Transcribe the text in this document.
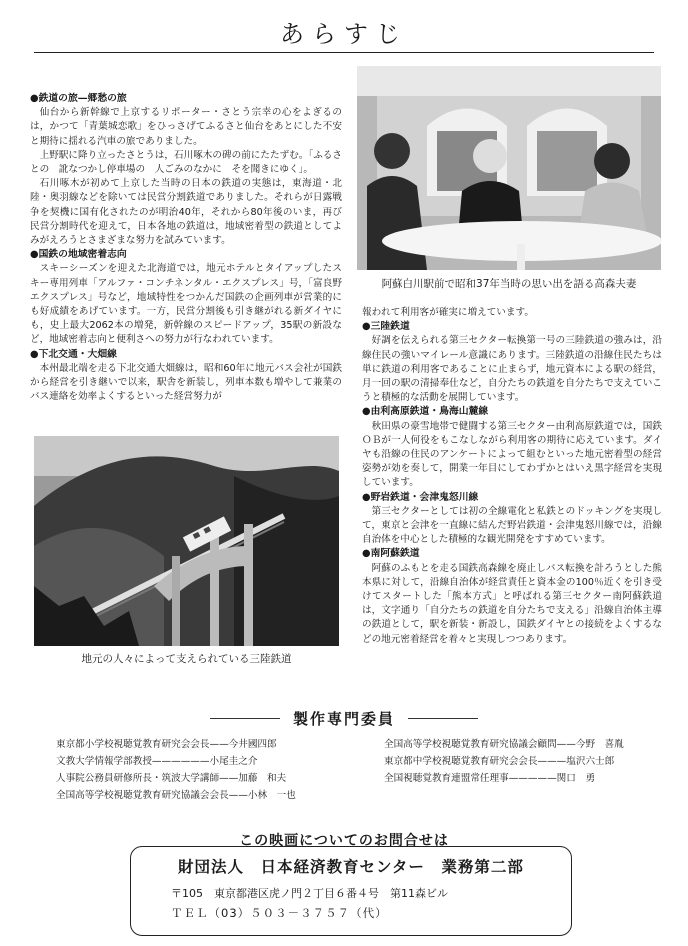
あらすじ
● 鉄道の旅—郷愁の旅

仙台から新幹線で上京するリポーター・さとう宗幸の心をよぎるのは，かつて「青葉城恋歌」をひっさげてふるさと仙台をあとにした不安と期待に揺れる汽車の旅でありました。

上野駅に降り立ったさとうは，石川啄木の碑の前にたたずむ。「ふるさとの　訛なつかし停車場の　人ごみのなかに　そを聞きにゆく」。

石川啄木が初めて上京した当時の日本の鉄道の実態は，東海道・北陸・奥羽線などを除いては民営分割鉄道でありました。それらが日露戦争を契機に国有化されたのが明治40年，それから80年後のいま，再び民営分割時代を迎えて，日本各地の鉄道は，地域密着型の鉄道としてよみがえろうとさまざまな努力を試みています。

● 国鉄の地域密着志向

スキーシーズンを迎えた北海道では，地元ホテルとタイアップしたスキー専用列車「アルファ・コンチネンタル・エクスプレス」号，「富良野エクスプレス」号など，地域特性をつかんだ国鉄の企画列車が営業的にも好成績をあげています。一方，民営分割後も引き継がれる新ダイヤにも，史上最大2062本の増発，新幹線のスピードアップ，35駅の新設など，地域密着志向と便利さへの努力が行なわれています。

● 下北交通・大畑線

本州最北端を走る下北交通大畑線は，昭和60年に地元バス会社が国鉄から経営を引き継いで以来，駅舎を新装し，列車本数も増やして兼業のバス連絡を効率よくするといった経営努力が

地元の人々によって支えられている三陸鉄道
阿蘇白川駅前で昭和37年当時の思い出を語る高森夫妻

報われて利用客が確実に増えています。

● 三陸鉄道

好調を伝えられる第三セクター転換第一号の三陸鉄道の強みは，沿線住民の強いマイレール意識にあります。三陸鉄道の沿線住民たちは単に鉄道の利用客であることに止まらず，地元資本による駅の経営，月一回の駅の清掃奉仕など，自分たちの鉄道を自分たちで支えていこうと積極的な活動を展開しています。

● 由利高原鉄道・鳥海山麓線

秋田県の豪雪地帯で健闘する第三セクター由利高原鉄道では，国鉄ＯＢが一人何役をもこなしながら利用客の期待に応えています。ダイヤも沿線の住民のアンケートによって組むといった地元密着型の経営姿勢が効を奏して，開業一年目にしてわずかとはいえ黒字経営を実現しています。

● 野岩鉄道・会津鬼怒川線

第三セクターとしては初の全線電化と私鉄とのドッキングを実現して，東京と会津を一直線に結んだ野岩鉄道・会津鬼怒川線では，沿線自治体を中心とした積極的な観光開発をすすめています。

● 南阿蘇鉄道

阿蘇のふもとを走る国鉄高森線を廃止しバス転換を計ろうとした熊本県に対して，沿線自治体が経営責任と資本金の100％近くを引き受けてスタートした「熊本方式」と呼ばれる第三セクター南阿蘇鉄道は，文字通り「自分たちの鉄道を自分たちで支える」沿線自治体主導の鉄道として，駅を新装・新設し，国鉄ダイヤとの接続をよくするなどの地元密着経営を着々と実現しつつあります。

製作専門委員
東京都小学校視聴覚教育研究会会長——今井國四郎
文教大学情報学部教授——————小尾圭之介
人事院公務員研修所長・筑波大学講師——加藤　和夫
全国高等学校視聴覚教育研究協議会会長——小林　一也
全国高等学校視聴覚教育研究協議会顧問——今野　喜胤
東京都中学校視聴覚教育研究会会長———塩沢六士郎
全国視聴覚教育連盟常任理事—————関口　勇
この映画についてのお問合せは
財団法人　日本経済教育センター　業務第二部
〒105　東京都港区虎ノ門２丁目６番４号　第11森ビル
ＴＥＬ（03）５０３－３７５７（代）
